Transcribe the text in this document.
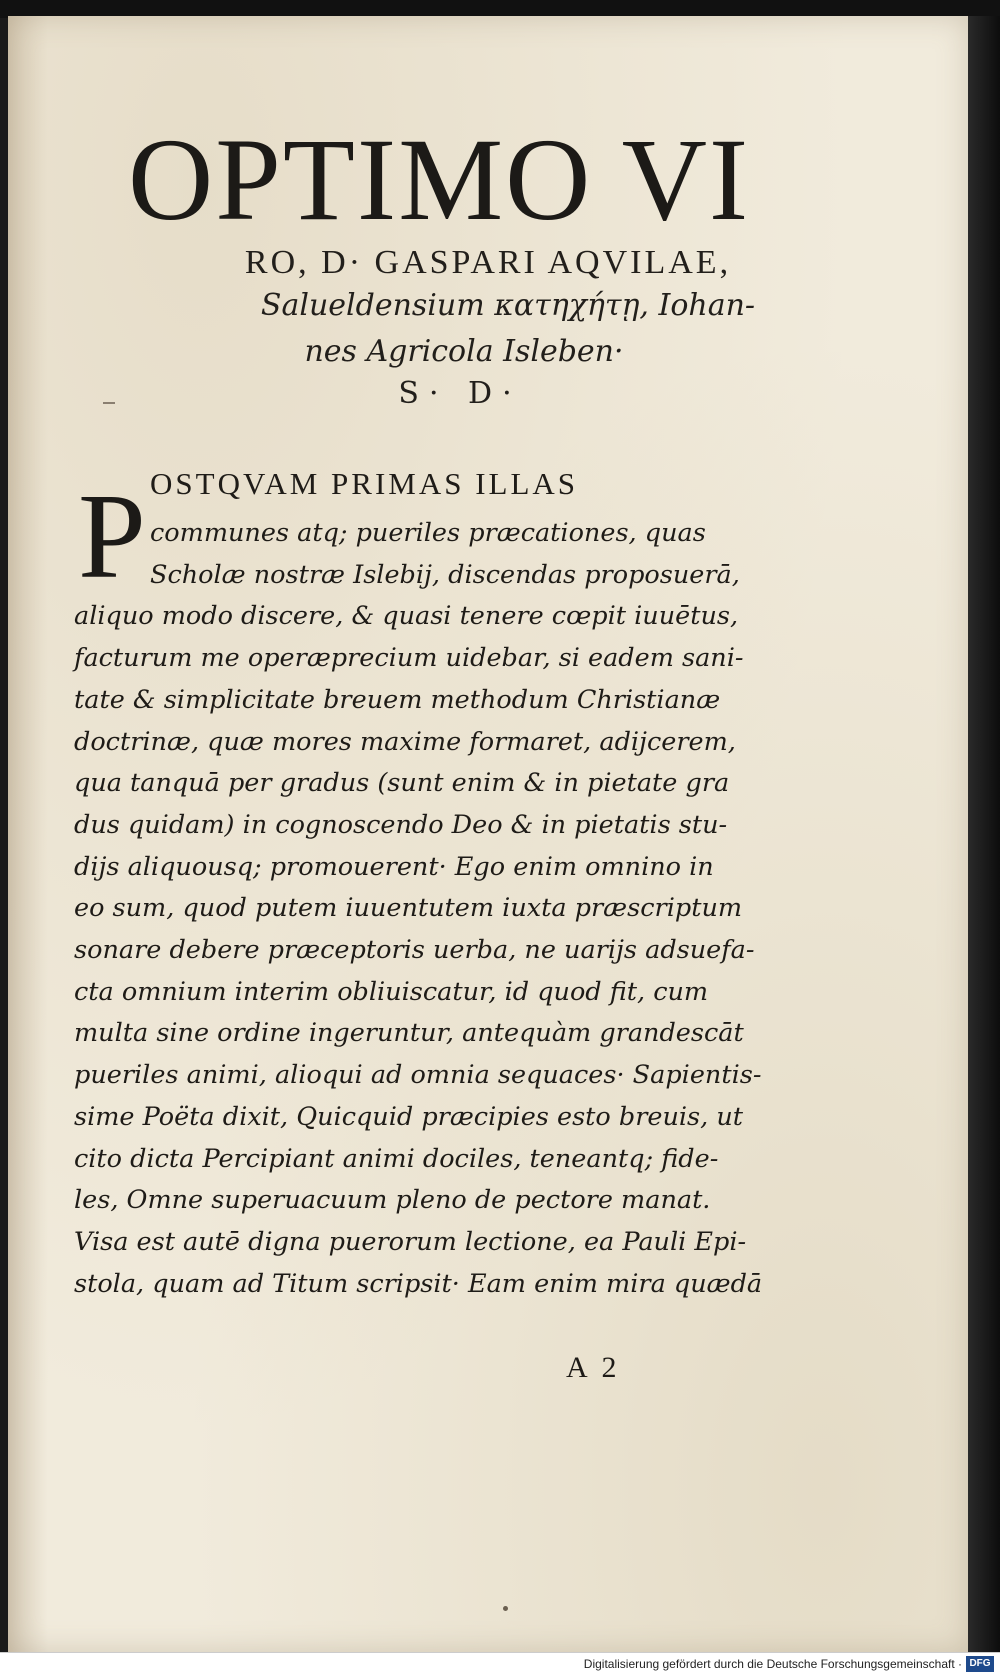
OPTIMO VI
RO, D· GASPARI AQVILAE,
Salueldensium κατηχήτῃ, Iohan-
nes Agricola Isleben·
S· D·
P OSTQVAM PRIMAS ILLAS
communes atq; pueriles præcationes, quas
Scholæ nostræ Islebij, discendas proposuerā,
aliquo modo discere, & quasi tenere cœpit iuuētus,
facturum me operæprecium uidebar, si eadem sani-
tate & simplicitate breuem methodum Christianæ
doctrinæ, quæ mores maxime formaret, adijcerem,
qua tanquā per gradus (sunt enim & in pietate gra
dus quidam) in cognoscendo Deo & in pietatis stu-
dijs aliquousq; promouerent· Ego enim omnino in
eo sum, quod putem iuuentutem iuxta præscriptum
sonare debere præceptoris uerba, ne uarijs adsuefa-
cta omnium interim obliuiscatur, id quod fit, cum
multa sine ordine ingeruntur, antequàm grandescāt
pueriles animi, alioqui ad omnia sequaces· Sapientis-
sime Poëta dixit, Quicquid præcipies esto breuis, ut
cito dicta Percipiant animi dociles, teneantq; fide-
les, Omne superuacuum pleno de pectore manat.
Visa est autē digna puerorum lectione, ea Pauli Epi-
stola, quam ad Titum scripsit· Eam enim mira quædā
A 2
Digitalisierung gefördert durch die Deutsche Forschungsgemeinschaft · DFG
